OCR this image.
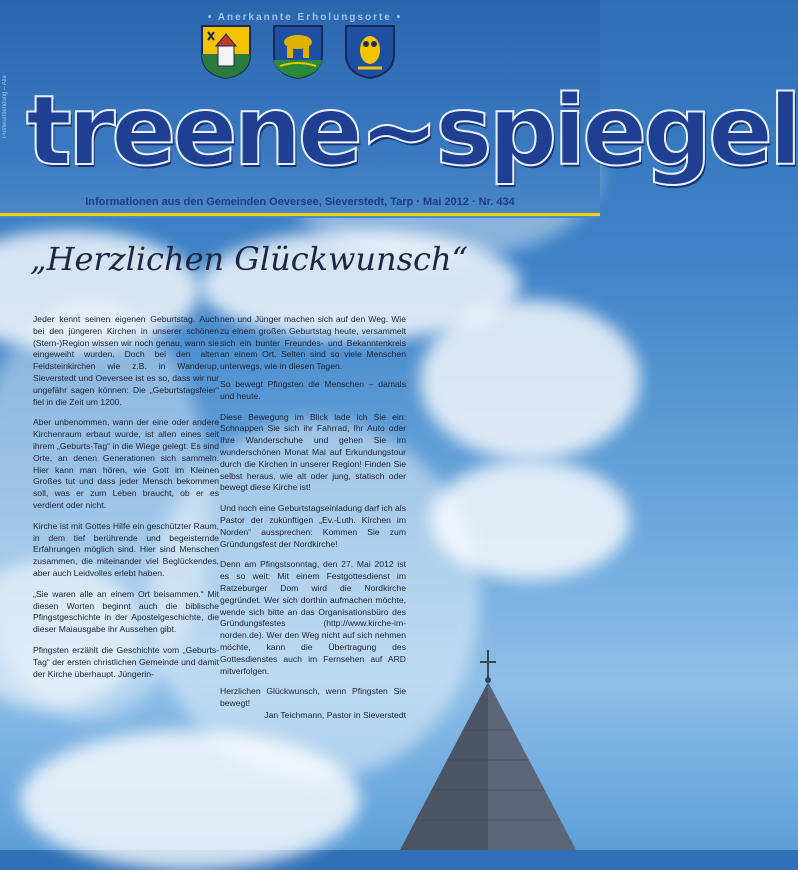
Postwurfsendung – Alle
• Anerkannte Erholungsorte •
treene~spiegel
Informationen aus den Gemeinden Oeversee, Sieverstedt, Tarp · Mai 2012 · Nr. 434
„Herzlichen Glückwunsch“

Jeder kennt seinen eigenen Geburtstag. Auch bei den jüngeren Kirchen in unserer schönen (Stern-)Region wissen wir noch genau, wann sie eingeweiht wurden. Doch bei den alten Feldsteinkirchen wie z.B. in Wanderup, Sieverstedt und Oeversee ist es so, dass wir nur ungefähr sagen können: Die „Geburtstagsfeier“ fiel in die Zeit um 1200.

Aber unbenommen, wann der eine oder andere Kirchenraum erbaut wurde, ist allen eines seit ihrem „Geburts-Tag“ in die Wiege gelegt: Es sind Orte, an denen Generationen sich sammeln. Hier kann man hören, wie Gott im Kleinen Großes tut und dass jeder Mensch bekommen soll, was er zum Leben braucht, ob er es verdient oder nicht.

Kirche ist mit Gottes Hilfe ein geschützter Raum, in dem tief berührende und begeisternde Erfahrungen möglich sind. Hier sind Menschen zusammen, die miteinander viel Beglückendes, aber auch Leidvolles erlebt haben.

„Sie waren alle an einem Ort beisammen.“ Mit diesen Worten beginnt auch die biblische Pfingstgeschichte in der Apostelgeschichte, die dieser Maiausgabe ihr Aussehen gibt.

Pfingsten erzählt die Geschichte vom „Geburts-Tag“ der ersten christlichen Gemeinde und damit der Kirche überhaupt. Jüngerin-

nen und Jünger machen sich auf den Weg. Wie zu einem großen Geburtstag heute, versammelt sich ein bunter Freundes- und Bekanntenkreis an einem Ort. Selten sind so viele Menschen unterwegs, wie in diesen Tagen.

So bewegt Pfingsten die Menschen – damals und heute.

Diese Bewegung im Blick lade ich Sie ein: Schnappen Sie sich ihr Fahrrad, Ihr Auto oder Ihre Wanderschuhe und gehen Sie im wunderschönen Monat Mai auf Erkundungstour durch die Kirchen in unserer Region! Finden Sie selbst heraus, wie alt oder jung, statisch oder bewegt diese Kirche ist!

Und noch eine Geburtstagseinladung darf ich als Pastor der zukünftigen „Ev.-Luth. Kirchen im Norden“ aussprechen: Kommen Sie zum Gründungsfest der Nordkirche!

Denn am Pfingstsonntag, den 27. Mai 2012 ist es so weit: Mit einem Festgottesdienst im Ratzeburger Dom wird die Nordkirche gegründet. Wer sich dorthin aufmachen möchte, wende sich bitte an das Organisationsbüro des Gründungsfestes (http://www.kirche-im-norden.de). Wer den Weg nicht auf sich nehmen möchte, kann die Übertragung des Gottesdienstes auch im Fernsehen auf ARD mitverfolgen.

Herzlichen Glückwunsch, wenn Pfingsten Sie bewegt!

Jan Teichmann, Pastor in Sieverstedt
